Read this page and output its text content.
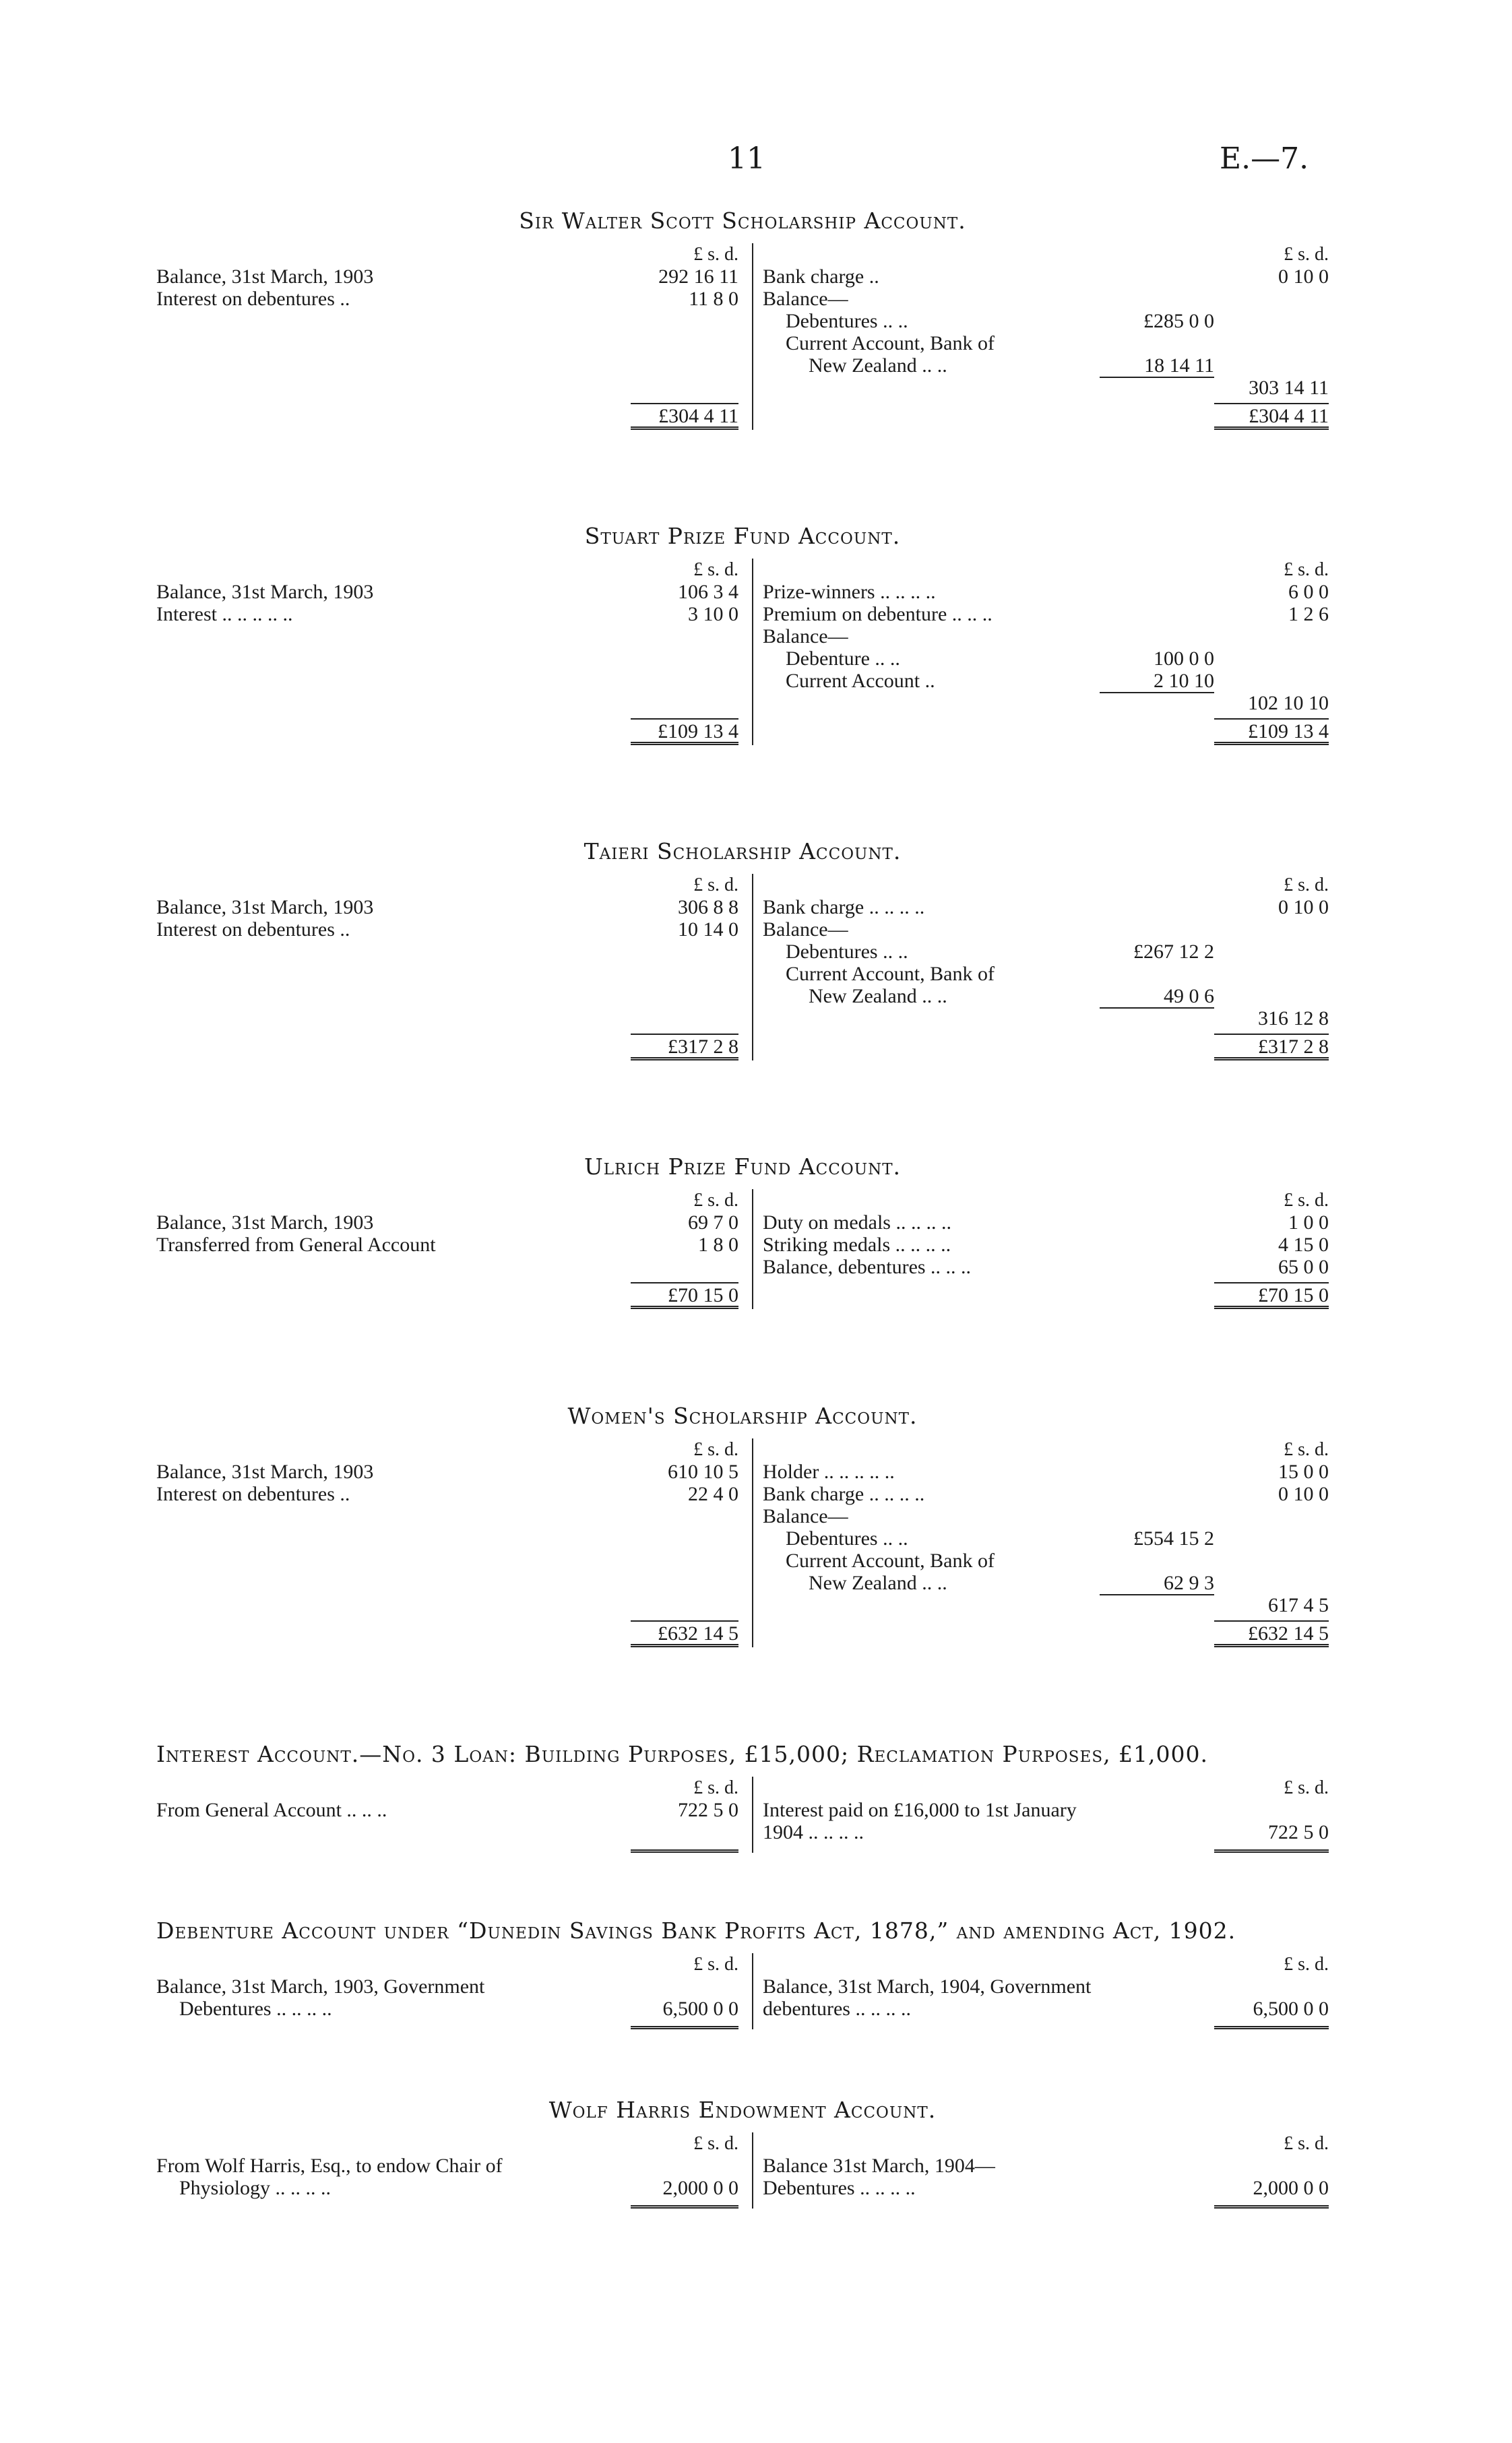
11	E.—7.
Sir Walter Scott Scholarship Account.
£ s. d.
Balance, 31st March, 1903	292 16 11
Interest on debentures ..	11 8 0
£304 4 11
£ s. d.
Bank charge ..	0 10 0
Balance—
Debentures .. ..	£285 0 0
Current Account, Bank of
New Zealand .. ..	18 14 11
303 14 11
£304 4 11
Stuart Prize Fund Account.
£ s. d.
Balance, 31st March, 1903	106 3 4
Interest .. .. .. .. ..	3 10 0
£109 13 4
£ s. d.
Prize-winners .. .. .. ..	6 0 0
Premium on debenture .. .. ..	1 2 6
Balance—
Debenture .. ..	100 0 0
Current Account ..	2 10 10
102 10 10
£109 13 4
Taieri Scholarship Account.
£ s. d.
Balance, 31st March, 1903	306 8 8
Interest on debentures ..	10 14 0
£317 2 8
£ s. d.
Bank charge .. .. .. ..	0 10 0
Balance—
Debentures .. ..	£267 12 2
Current Account, Bank of
New Zealand .. ..	49 0 6
316 12 8
£317 2 8
Ulrich Prize Fund Account.
£ s. d.
Balance, 31st March, 1903	69 7 0
Transferred from General Account	1 8 0
£70 15 0
£ s. d.
Duty on medals .. .. .. ..	1 0 0
Striking medals .. .. .. ..	4 15 0
Balance, debentures .. .. ..	65 0 0
£70 15 0
Women's Scholarship Account.
£ s. d.
Balance, 31st March, 1903	610 10 5
Interest on debentures ..	22 4 0
£632 14 5
£ s. d.
Holder .. .. .. .. ..	15 0 0
Bank charge .. .. .. ..	0 10 0
Balance—
Debentures .. ..	£554 15 2
Current Account, Bank of
New Zealand .. ..	62 9 3
617 4 5
£632 14 5
Interest Account.—No. 3 Loan: Building Purposes, £15,000; Reclamation Purposes, £1,000.
£ s. d.
From General Account .. .. ..	722 5 0
£ s. d.
Interest paid on £16,000 to 1st January
1904 .. .. .. ..	722 5 0
Debenture Account under “Dunedin Savings Bank Profits Act, 1878,” and amending Act, 1902.
£ s. d.
Balance, 31st March, 1903, Government
Debentures .. .. .. ..	6,500 0 0
£ s. d.
Balance, 31st March, 1904, Government
debentures .. .. .. ..	6,500 0 0
Wolf Harris Endowment Account.
£ s. d.
From Wolf Harris, Esq., to endow Chair of
Physiology .. .. .. ..	2,000 0 0
£ s. d.
Balance 31st March, 1904—
Debentures .. .. .. ..	2,000 0 0
